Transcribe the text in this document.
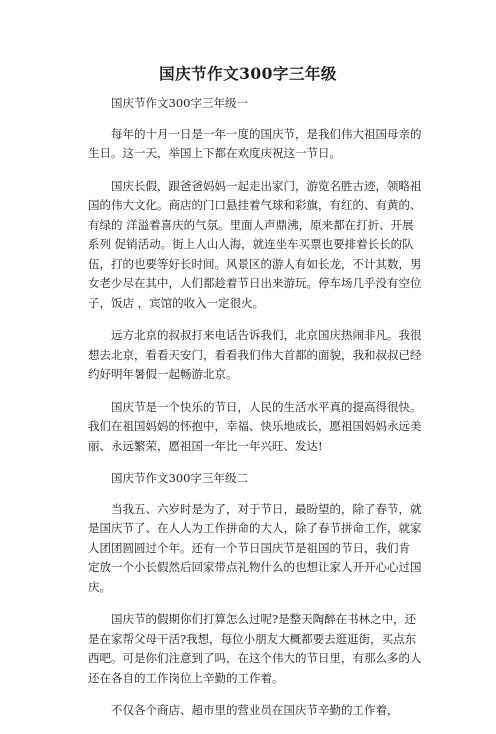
国庆节作文300字三年级

国庆节作文300字三年级一

每年的十月一日是一年一度的国庆节，是我们伟大祖国母亲的生日。这一天，举国上下都在欢度庆祝这一节日。

国庆长假，跟爸爸妈妈一起走出家门，游览名胜古迹，领略祖国的伟大文化。商店的门口悬挂着气球和彩旗，有红的、有黄的、有绿的 洋溢着喜庆的气氛。里面人声鼎沸，原来都在打折、开展系列 促销活动。街上人山人海，就连坐车买票也要排着长长的队伍，打的也要等好长时间。风景区的游人有如长龙，不计其数，男女老少尽在其中，人们都趁着节日出来游玩。停车场几乎没有空位子，饭店 ，宾馆的收入一定很火。

远方北京的叔叔打来电话告诉我们，北京国庆热闹非凡。我很想去北京，看看天安门，看看我们伟大首都的面貌，我和叔叔已经约好明年暑假一起畅游北京。

国庆节是一个快乐的节日，人民的生活水平真的提高得很快。我们在祖国妈妈的怀抱中，幸福、快乐地成长，愿祖国妈妈永远美丽、永远繁荣，愿祖国一年比一年兴旺、发达!

国庆节作文300字三年级二

当我五、六岁时是为了，对于节日，最盼望的，除了春节，就是国庆节了、在人人为工作拼命的大人，除了春节拼命工作，就家人团团圆圆过个年。还有一个节日国庆节是祖国的节日，我们肯 定放一个小长假然后回家带点礼物什么的也想让家人开开心心过国庆。

国庆节的假期你们打算怎么过呢?是整天陶醉在书林之中，还是在家帮父母干活?我想，每位小朋友大概都要去逛逛街，买点东西吧。可是你们注意到了吗，在这个伟大的节日里，有那么多的人 还在各自的工作岗位上辛勤的工作着。

不仅各个商店、超市里的营业员在国庆节辛勤的工作着，
